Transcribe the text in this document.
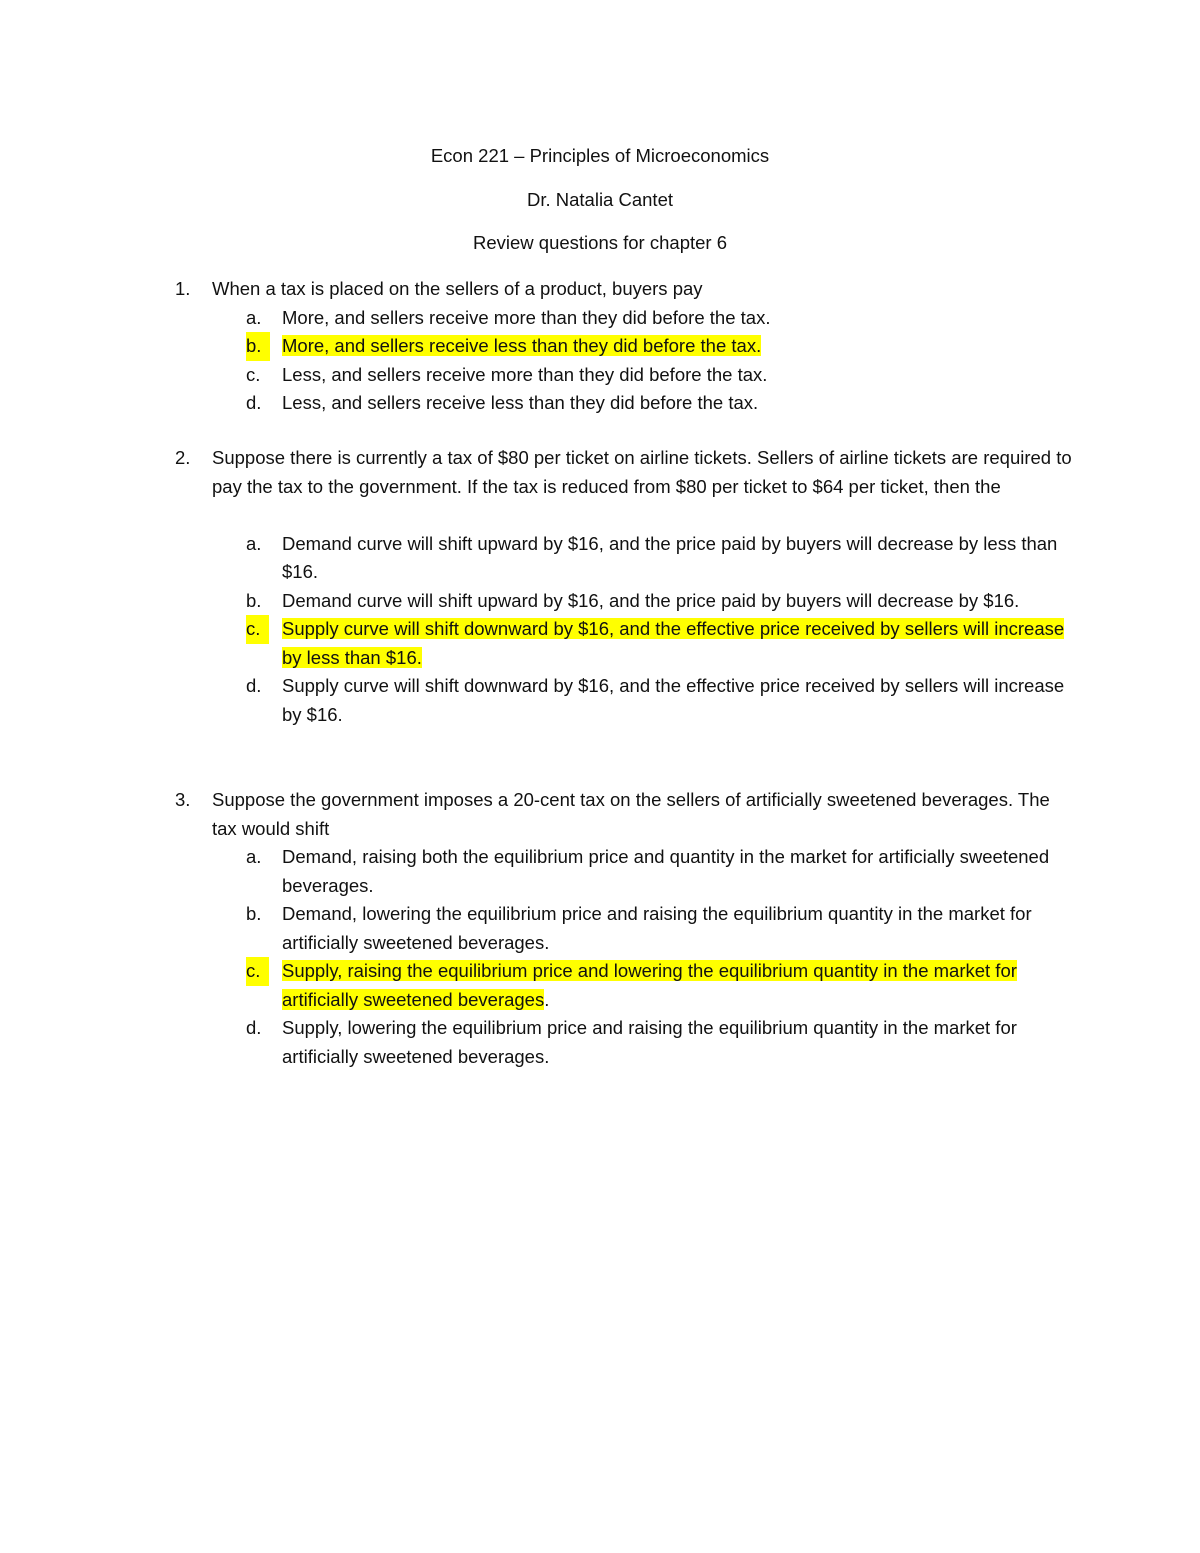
Econ 221 – Principles of Microeconomics
Dr. Natalia Cantet
Review questions for chapter 6
1. When a tax is placed on the sellers of a product, buyers pay
a. More, and sellers receive more than they did before the tax.
b.	More, and sellers receive less than they did before the tax.
c. Less, and sellers receive more than they did before the tax.
d. Less, and sellers receive less than they did before the tax.
2. Suppose there is currently a tax of $80 per ticket on airline tickets. Sellers of airline tickets are required to pay the tax to the government. If the tax is reduced from $80 per ticket to $64 per ticket, then the
a. Demand curve will shift upward by $16, and the price paid by buyers will decrease by less than $16.
b. Demand curve will shift upward by $16, and the price paid by buyers will decrease by $16.
c.	Supply curve will shift downward by $16, and the effective price received by sellers will increase by less than $16.
d. Supply curve will shift downward by $16, and the effective price received by sellers will increase by $16.
3. Suppose the government imposes a 20-cent tax on the sellers of artificially sweetened beverages. The tax would shift
a. Demand, raising both the equilibrium price and quantity in the market for artificially sweetened beverages.
b. Demand, lowering the equilibrium price and raising the equilibrium quantity in the market for artificially sweetened beverages.
c.	Supply, raising the equilibrium price and lowering the equilibrium quantity in the market for artificially sweetened beverages.
d. Supply, lowering the equilibrium price and raising the equilibrium quantity in the market for artificially sweetened beverages.
